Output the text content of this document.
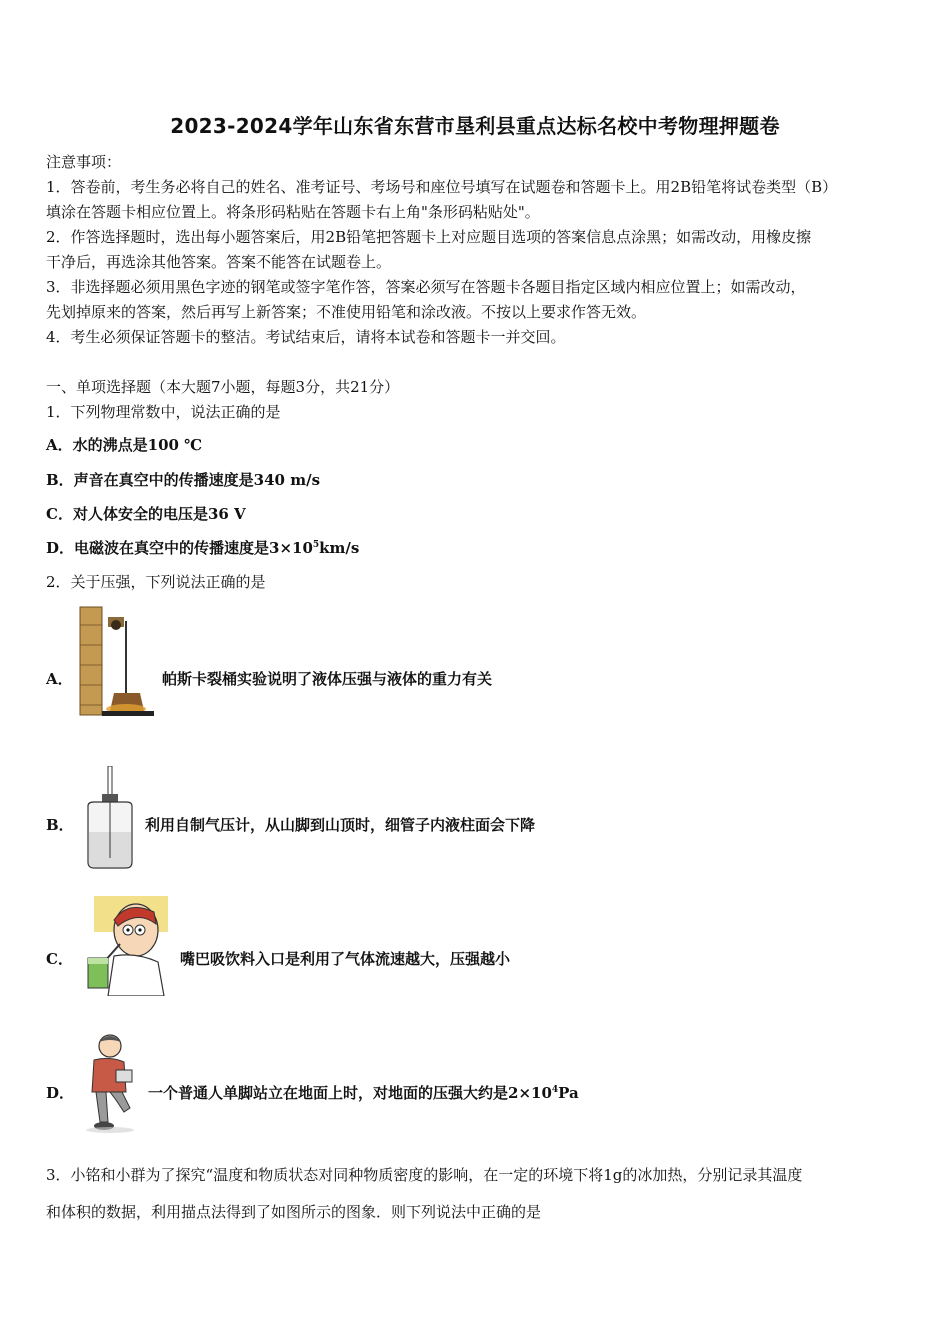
2023-2024学年山东省东营市垦利县重点达标名校中考物理押题卷
注意事项：
1．答卷前，考生务必将自己的姓名、准考证号、考场号和座位号填写在试题卷和答题卡上。用2B铅笔将试卷类型（B）
填涂在答题卡相应位置上。将条形码粘贴在答题卡右上角"条形码粘贴处"。
2．作答选择题时，选出每小题答案后，用2B铅笔把答题卡上对应题目选项的答案信息点涂黑；如需改动，用橡皮擦
干净后，再选涂其他答案。答案不能答在试题卷上。
3．非选择题必须用黑色字迹的钢笔或签字笔作答，答案必须写在答题卡各题目指定区域内相应位置上；如需改动，
先划掉原来的答案，然后再写上新答案；不准使用铅笔和涂改液。不按以上要求作答无效。
4．考生必须保证答题卡的整洁。考试结束后，请将本试卷和答题卡一并交回。
一、单项选择题（本大题7小题，每题3分，共21分）
1．下列物理常数中，说法正确的是
A．水的沸点是100 ℃
B．声音在真空中的传播速度是340 m/s
C．对人体安全的电压是36 V
D．电磁波在真空中的传播速度是$3\times 10^5km/s$
2．关于压强，下列说法正确的是
A．	帕斯卡裂桶实验说明了液体压强与液体的重力有关
B．	利用自制气压计，从山脚到山顶时，细管子内液柱面会下降
C．	嘴巴吸饮料入口是利用了气体流速越大，压强越小
D．	一个普通人单脚站立在地面上时，对地面的压强大约是$2\times 10^4Pa$
3．小铭和小群为了探究“温度和物质状态对同种物质密度的影响，在一定的环境下将1g的冰加热，分别记录其温度
和体积的数据，利用描点法得到了如图所示的图象．则下列说法中正确的是
